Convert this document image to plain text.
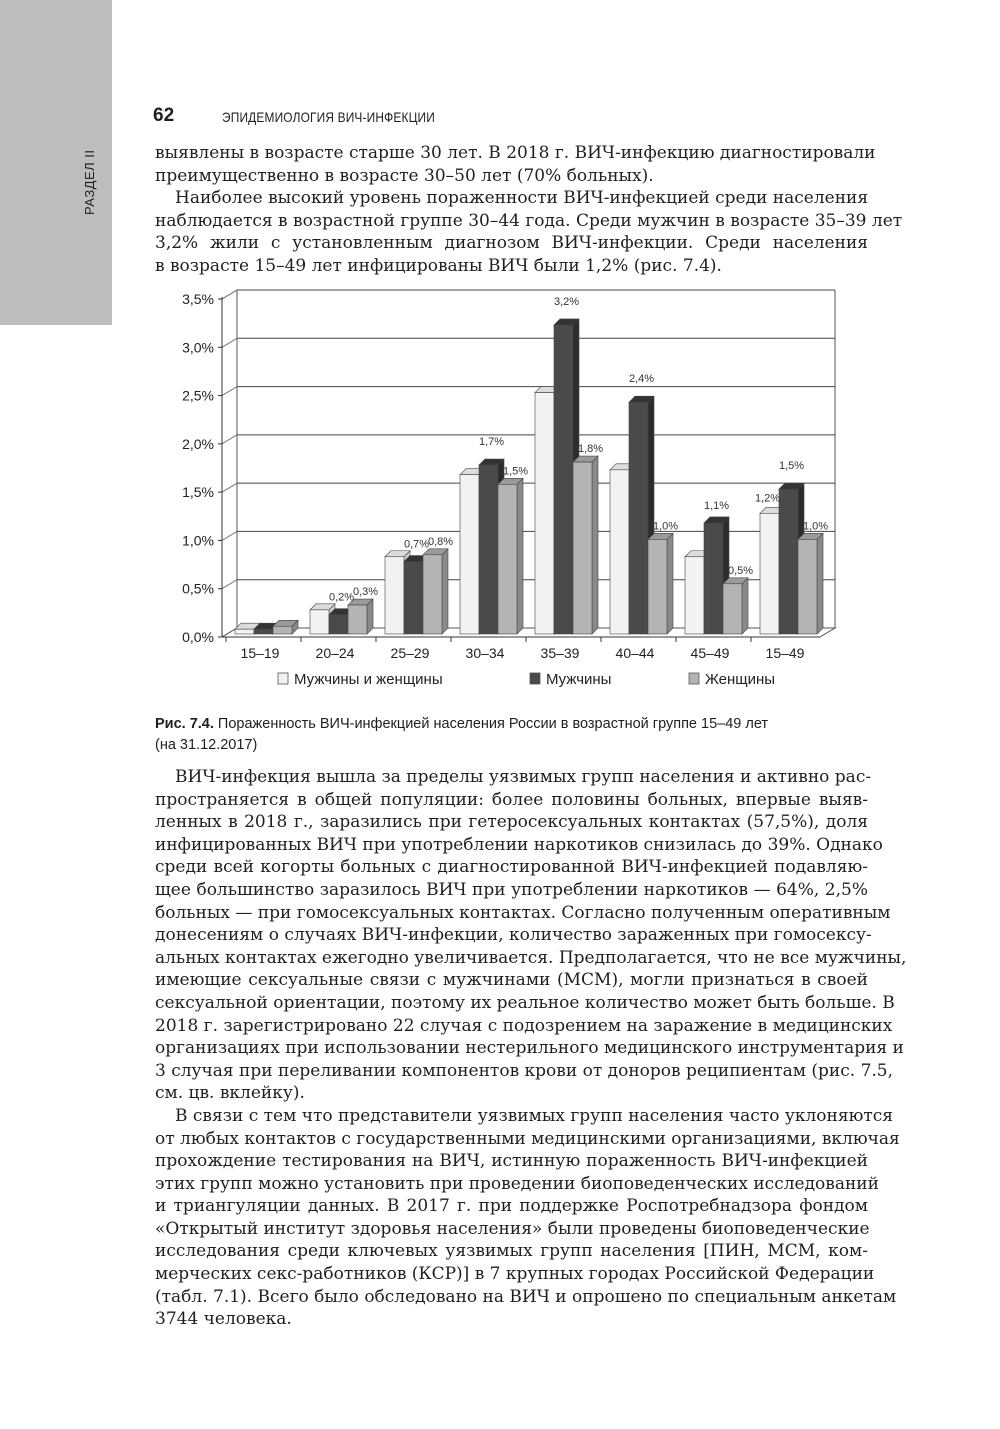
РАЗДЕЛ II
62	ЭПИДЕМИОЛОГИЯ ВИЧ-ИНФЕКЦИИ
выявлены в возрасте старше 30 лет. В 2018 г. ВИЧ-инфекцию диагностировали
преимущественно в возрасте 30–50 лет (70% больных).
Наиболее высокий уровень пораженности ВИЧ-инфекцией среди населения
наблюдается в возрастной группе 30–44 года. Среди мужчин в возрасте 35–39 лет
3,2% жили с установленным диагнозом ВИЧ-инфекции. Среди населения
в возрасте 15–49 лет инфицированы ВИЧ были 1,2% (рис. 7.4).
0,0%
0,5%
1,0%
1,5%
2,0%
2,5%
3,0%
3,5%
15–19	20–24	25–29	30–34	35–39	40–44	45–49	15–49
0,2%
0,3%
0,7%
0,8%
1,7%
1,5%
3,2%
1,8%
2,4%
1,0%
1,1%
0,5%
1,2%
1,5%
1,0%
Мужчины и женщины	Мужчины	Женщины
Рис. 7.4. Пораженность ВИЧ-инфекцией населения России в возрастной группе 15–49 лет
(на 31.12.2017)
ВИЧ-инфекция вышла за пределы уязвимых групп населения и активно рас-
пространяется в общей популяции: более половины больных, впервые выяв-
ленных в 2018 г., заразились при гетеросексуальных контактах (57,5%), доля
инфицированных ВИЧ при употреблении наркотиков снизилась до 39%. Однако
среди всей когорты больных с диагностированной ВИЧ-инфекцией подавляю-
щее большинство заразилось ВИЧ при употреблении наркотиков — 64%, 2,5%
больных — при гомосексуальных контактах. Согласно полученным оперативным
донесениям о случаях ВИЧ-инфекции, количество зараженных при гомосексу-
альных контактах ежегодно увеличивается. Предполагается, что не все мужчины,
имеющие сексуальные связи с мужчинами (МСМ), могли признаться в своей
сексуальной ориентации, поэтому их реальное количество может быть больше. В
2018 г. зарегистрировано 22 случая с подозрением на заражение в медицинских
организациях при использовании нестерильного медицинского инструментария и
3 случая при переливании компонентов крови от доноров реципиентам (рис. 7.5,
см. цв. вклейку).
В связи с тем что представители уязвимых групп населения часто уклоняются
от любых контактов с государственными медицинскими организациями, включая
прохождение тестирования на ВИЧ, истинную пораженность ВИЧ-инфекцией
этих групп можно установить при проведении биоповеденческих исследований
и триангуляции данных. В 2017 г. при поддержке Роспотребнадзора фондом
«Открытый институт здоровья населения» были проведены биоповеденческие
исследования среди ключевых уязвимых групп населения [ПИН, МСМ, ком-
мерческих секс-работников (КСР)] в 7 крупных городах Российской Федерации
(табл. 7.1). Всего было обследовано на ВИЧ и опрошено по специальным анкетам
3744 человека.
